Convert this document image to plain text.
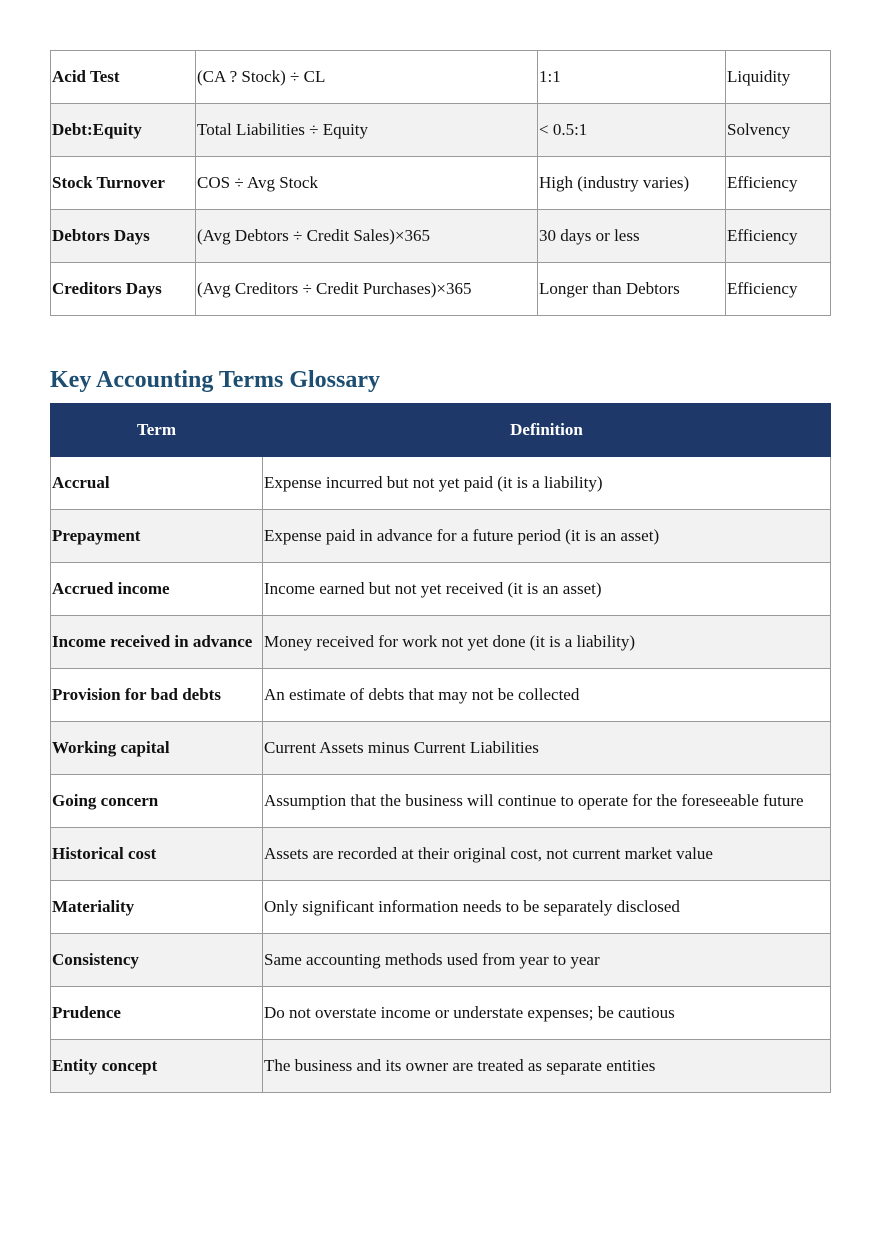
Acid Test	(CA ? Stock) ÷ CL	1:1	Liquidity
Debt:Equity	Total Liabilities ÷ Equity	< 0.5:1	Solvency
Stock Turnover	COS ÷ Avg Stock	High (industry varies)	Efficiency
Debtors Days	(Avg Debtors ÷ Credit Sales)×365	30 days or less	Efficiency
Creditors Days	(Avg Creditors ÷ Credit Purchases)×365	Longer than Debtors	Efficiency
Key Accounting Terms Glossary
Term	Definition
Accrual	Expense incurred but not yet paid (it is a liability)
Prepayment	Expense paid in advance for a future period (it is an asset)
Accrued income	Income earned but not yet received (it is an asset)
Income received in advance	Money received for work not yet done (it is a liability)
Provision for bad debts	An estimate of debts that may not be collected
Working capital	Current Assets minus Current Liabilities
Going concern	Assumption that the business will continue to operate for the foreseeable future
Historical cost	Assets are recorded at their original cost, not current market value
Materiality	Only significant information needs to be separately disclosed
Consistency	Same accounting methods used from year to year
Prudence	Do not overstate income or understate expenses; be cautious
Entity concept	The business and its owner are treated as separate entities
